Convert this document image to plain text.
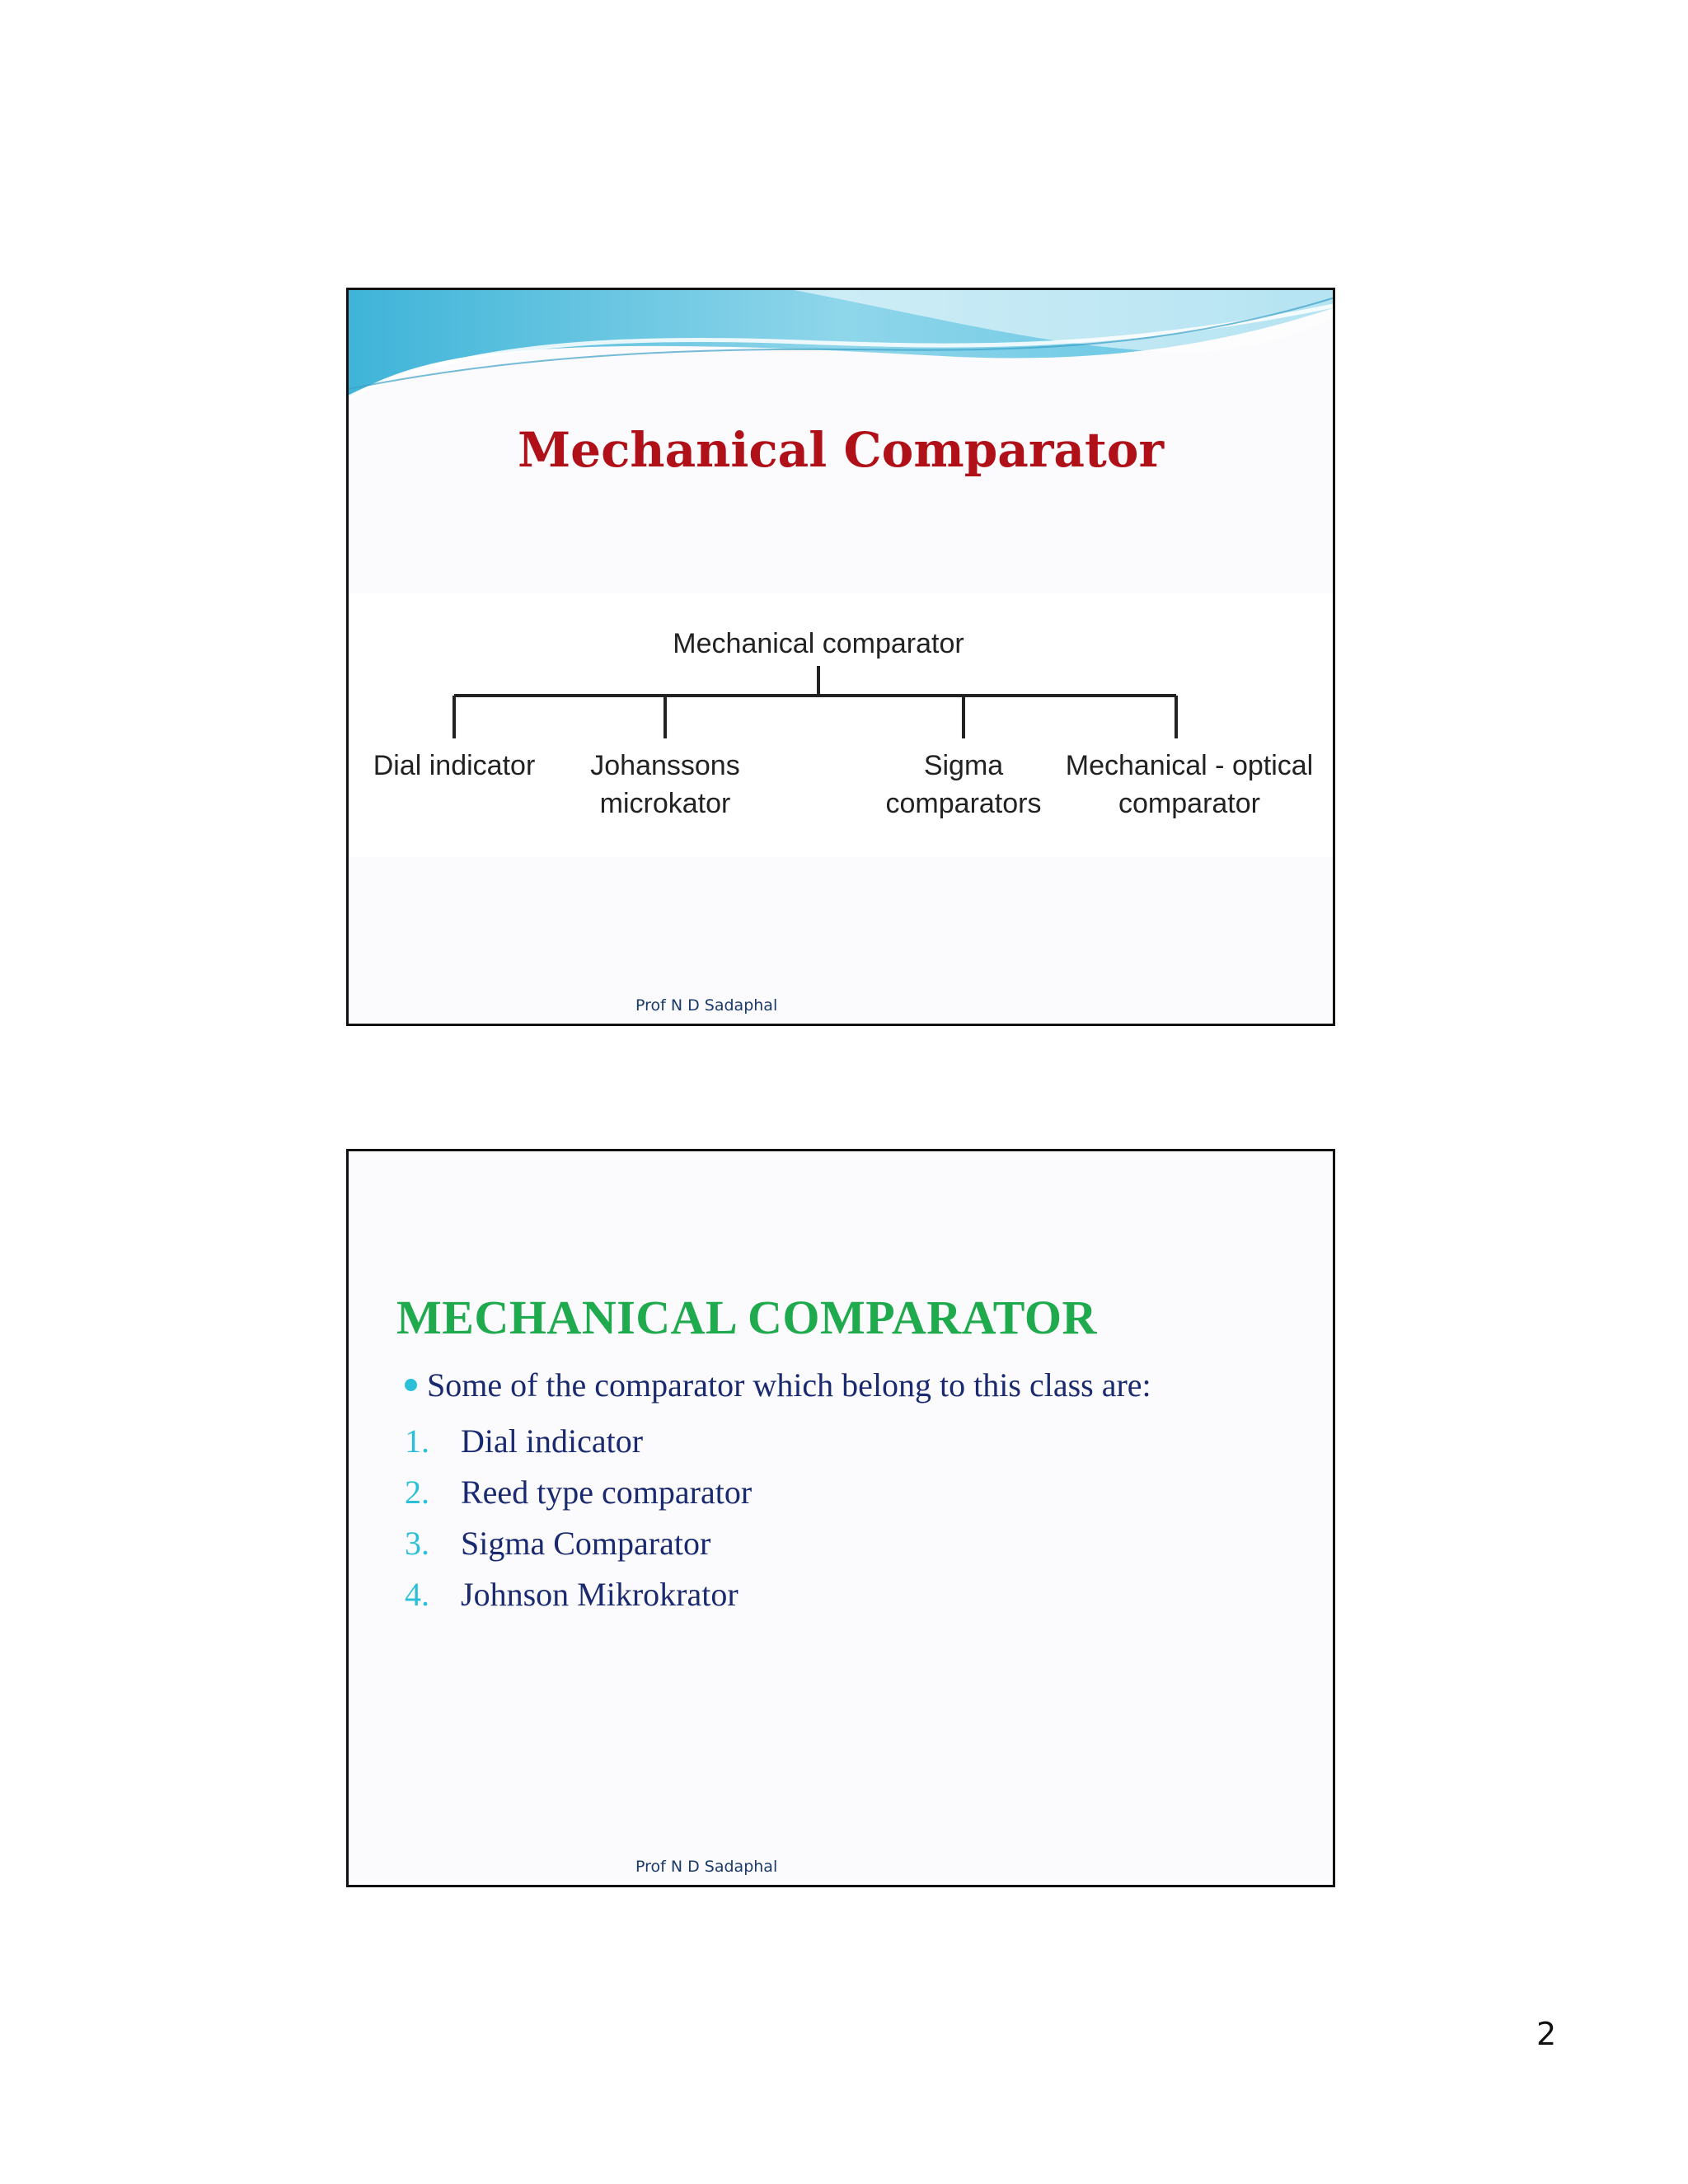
Mechanical Comparator
Mechanical comparator
Dial indicator Johanssons
microkator
Sigma
comparators
Mechanical - optical
comparator
Prof N D Sadaphal
MECHANICAL COMPARATOR
Some of the comparator which belong to this class are:
1. Dial indicator
2. Reed type comparator
3. Sigma Comparator
4. Johnson Mikrokrator
Prof N D Sadaphal
2
